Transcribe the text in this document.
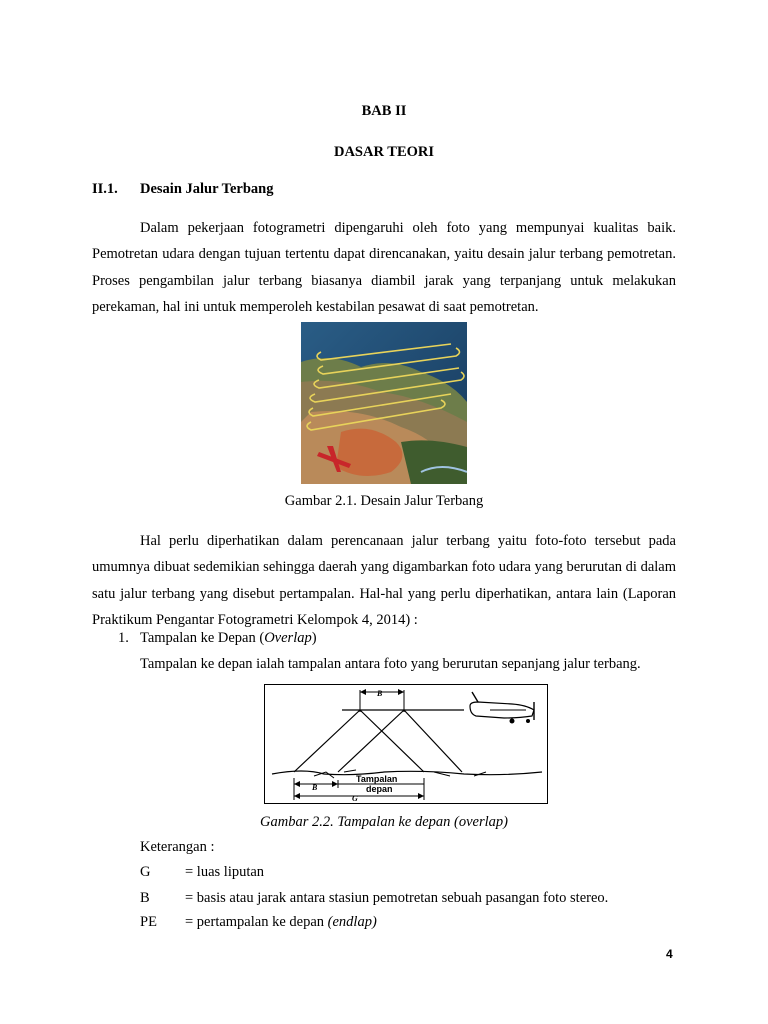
BAB II
DASAR TEORI
II.1. Desain Jalur Terbang

Dalam pekerjaan fotogrametri dipengaruhi oleh foto yang mempunyai kualitas baik. Pemotretan udara dengan tujuan tertentu dapat direncanakan, yaitu desain jalur terbang pemotretan. Proses pengambilan jalur terbang biasanya diambil jarak yang terpanjang untuk melakukan perekaman, hal ini untuk memperoleh kestabilan pesawat di saat pemotretan.

Gambar 2.1. Desain Jalur Terbang

Hal perlu diperhatikan dalam perencanaan jalur terbang yaitu foto-foto tersebut pada umumnya dibuat sedemikian sehingga daerah yang digambarkan foto udara yang berurutan di dalam satu jalur terbang yang disebut pertampalan. Hal-hal yang perlu diperhatikan, antara lain (Laporan Praktikum Pengantar Fotogrametri Kelompok 4, 2014) :

1. Tampalan ke Depan (Overlap)
Tampalan ke depan ialah tampalan antara foto yang berurutan sepanjang jalur terbang.
B
B
G
Tampalan
depan
Gambar 2.2. Tampalan ke depan (overlap)
Keterangan :
G = luas liputan
B = basis atau jarak antara stasiun pemotretan sebuah pasangan foto stereo.
PE = pertampalan ke depan (endlap)
4
